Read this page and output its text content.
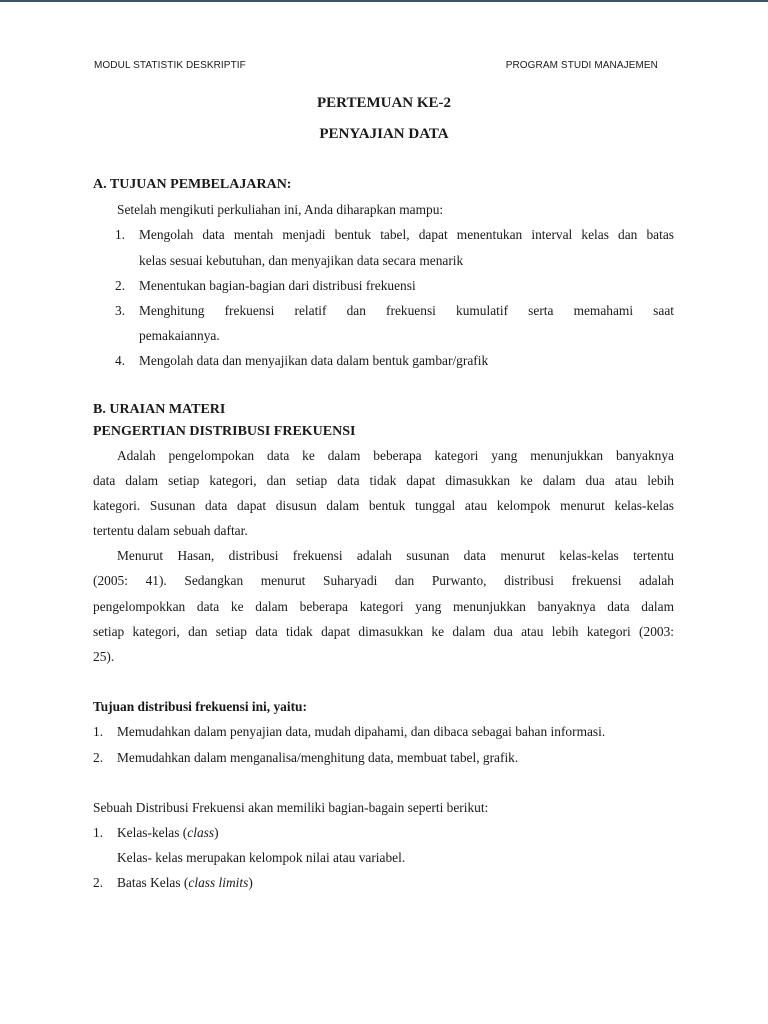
MODUL STATISTIK DESKRIPTIF	PROGRAM STUDI MANAJEMEN
PERTEMUAN KE-2
PENYAJIAN DATA
A. TUJUAN PEMBELAJARAN:
Setelah mengikuti perkuliahan ini, Anda diharapkan mampu:
1.	Mengolah data mentah menjadi bentuk tabel, dapat menentukan interval kelas dan batas
kelas sesuai kebutuhan, dan menyajikan data secara menarik
2.	Menentukan bagian-bagian dari distribusi frekuensi
3.	Menghitung frekuensi relatif dan frekuensi kumulatif serta memahami saat
pemakaiannya.
4.	Mengolah data dan menyajikan data dalam bentuk gambar/grafik
B. URAIAN MATERI
PENGERTIAN DISTRIBUSI FREKUENSI
Adalah pengelompokan data ke dalam beberapa kategori yang menunjukkan banyaknya
data dalam setiap kategori, dan setiap data tidak dapat dimasukkan ke dalam dua atau lebih
kategori. Susunan data dapat disusun dalam bentuk tunggal atau kelompok menurut kelas-kelas
tertentu dalam sebuah daftar.
Menurut Hasan, distribusi frekuensi adalah susunan data menurut kelas-kelas tertentu
(2005: 41). Sedangkan menurut Suharyadi dan Purwanto, distribusi frekuensi adalah
pengelompokkan data ke dalam beberapa kategori yang menunjukkan banyaknya data dalam
setiap kategori, dan setiap data tidak dapat dimasukkan ke dalam dua atau lebih kategori (2003:
25).
Tujuan distribusi frekuensi ini, yaitu:
1.	Memudahkan dalam penyajian data, mudah dipahami, dan dibaca sebagai bahan informasi.
2.	Memudahkan dalam menganalisa/menghitung data, membuat tabel, grafik.
Sebuah Distribusi Frekuensi akan memiliki bagian-bagain seperti berikut:
1.	Kelas-kelas (class)
Kelas- kelas merupakan kelompok nilai atau variabel.
2.	Batas Kelas (class limits)
